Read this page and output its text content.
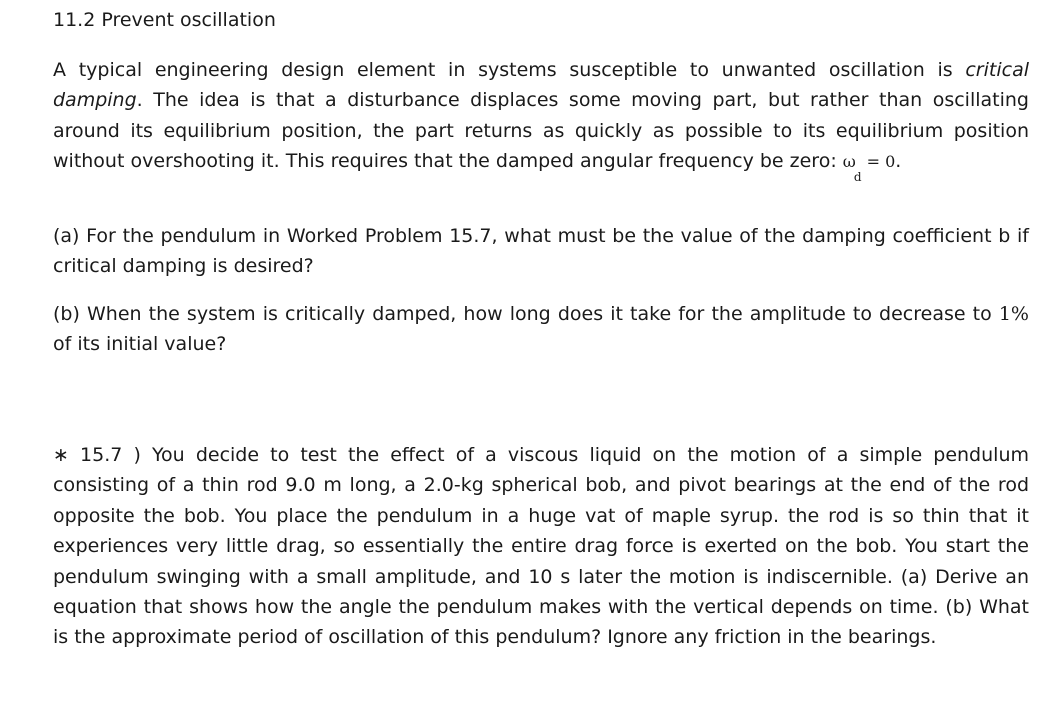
11.2 Prevent oscillation

A typical engineering design element in systems susceptible to unwanted oscillation is critical damping. The idea is that a disturbance displaces some moving part, but rather than oscillating around its equilibrium position, the part returns as quickly as possible to its equilibrium position without overshooting it. This requires that the damped angular frequency be zero: $\omega_d = 0$.

(a) For the pendulum in Worked Problem 15.7, what must be the value of the damping coefficient b if critical damping is desired?

(b) When the system is critically damped, how long does it take for the amplitude to decrease to 1% of its initial value?

∗ 15.7 ) You decide to test the effect of a viscous liquid on the motion of a simple pendulum consisting of a thin rod 9.0 m long, a 2.0-kg spherical bob, and pivot bearings at the end of the rod opposite the bob. You place the pendulum in a huge vat of maple syrup. the rod is so thin that it experiences very little drag, so essentially the entire drag force is exerted on the bob. You start the pendulum swinging with a small amplitude, and 10 s later the motion is indiscernible. (a) Derive an equation that shows how the angle the pendulum makes with the vertical depends on time. (b) What is the approximate period of oscillation of this pendulum? Ignore any friction in the bearings.
